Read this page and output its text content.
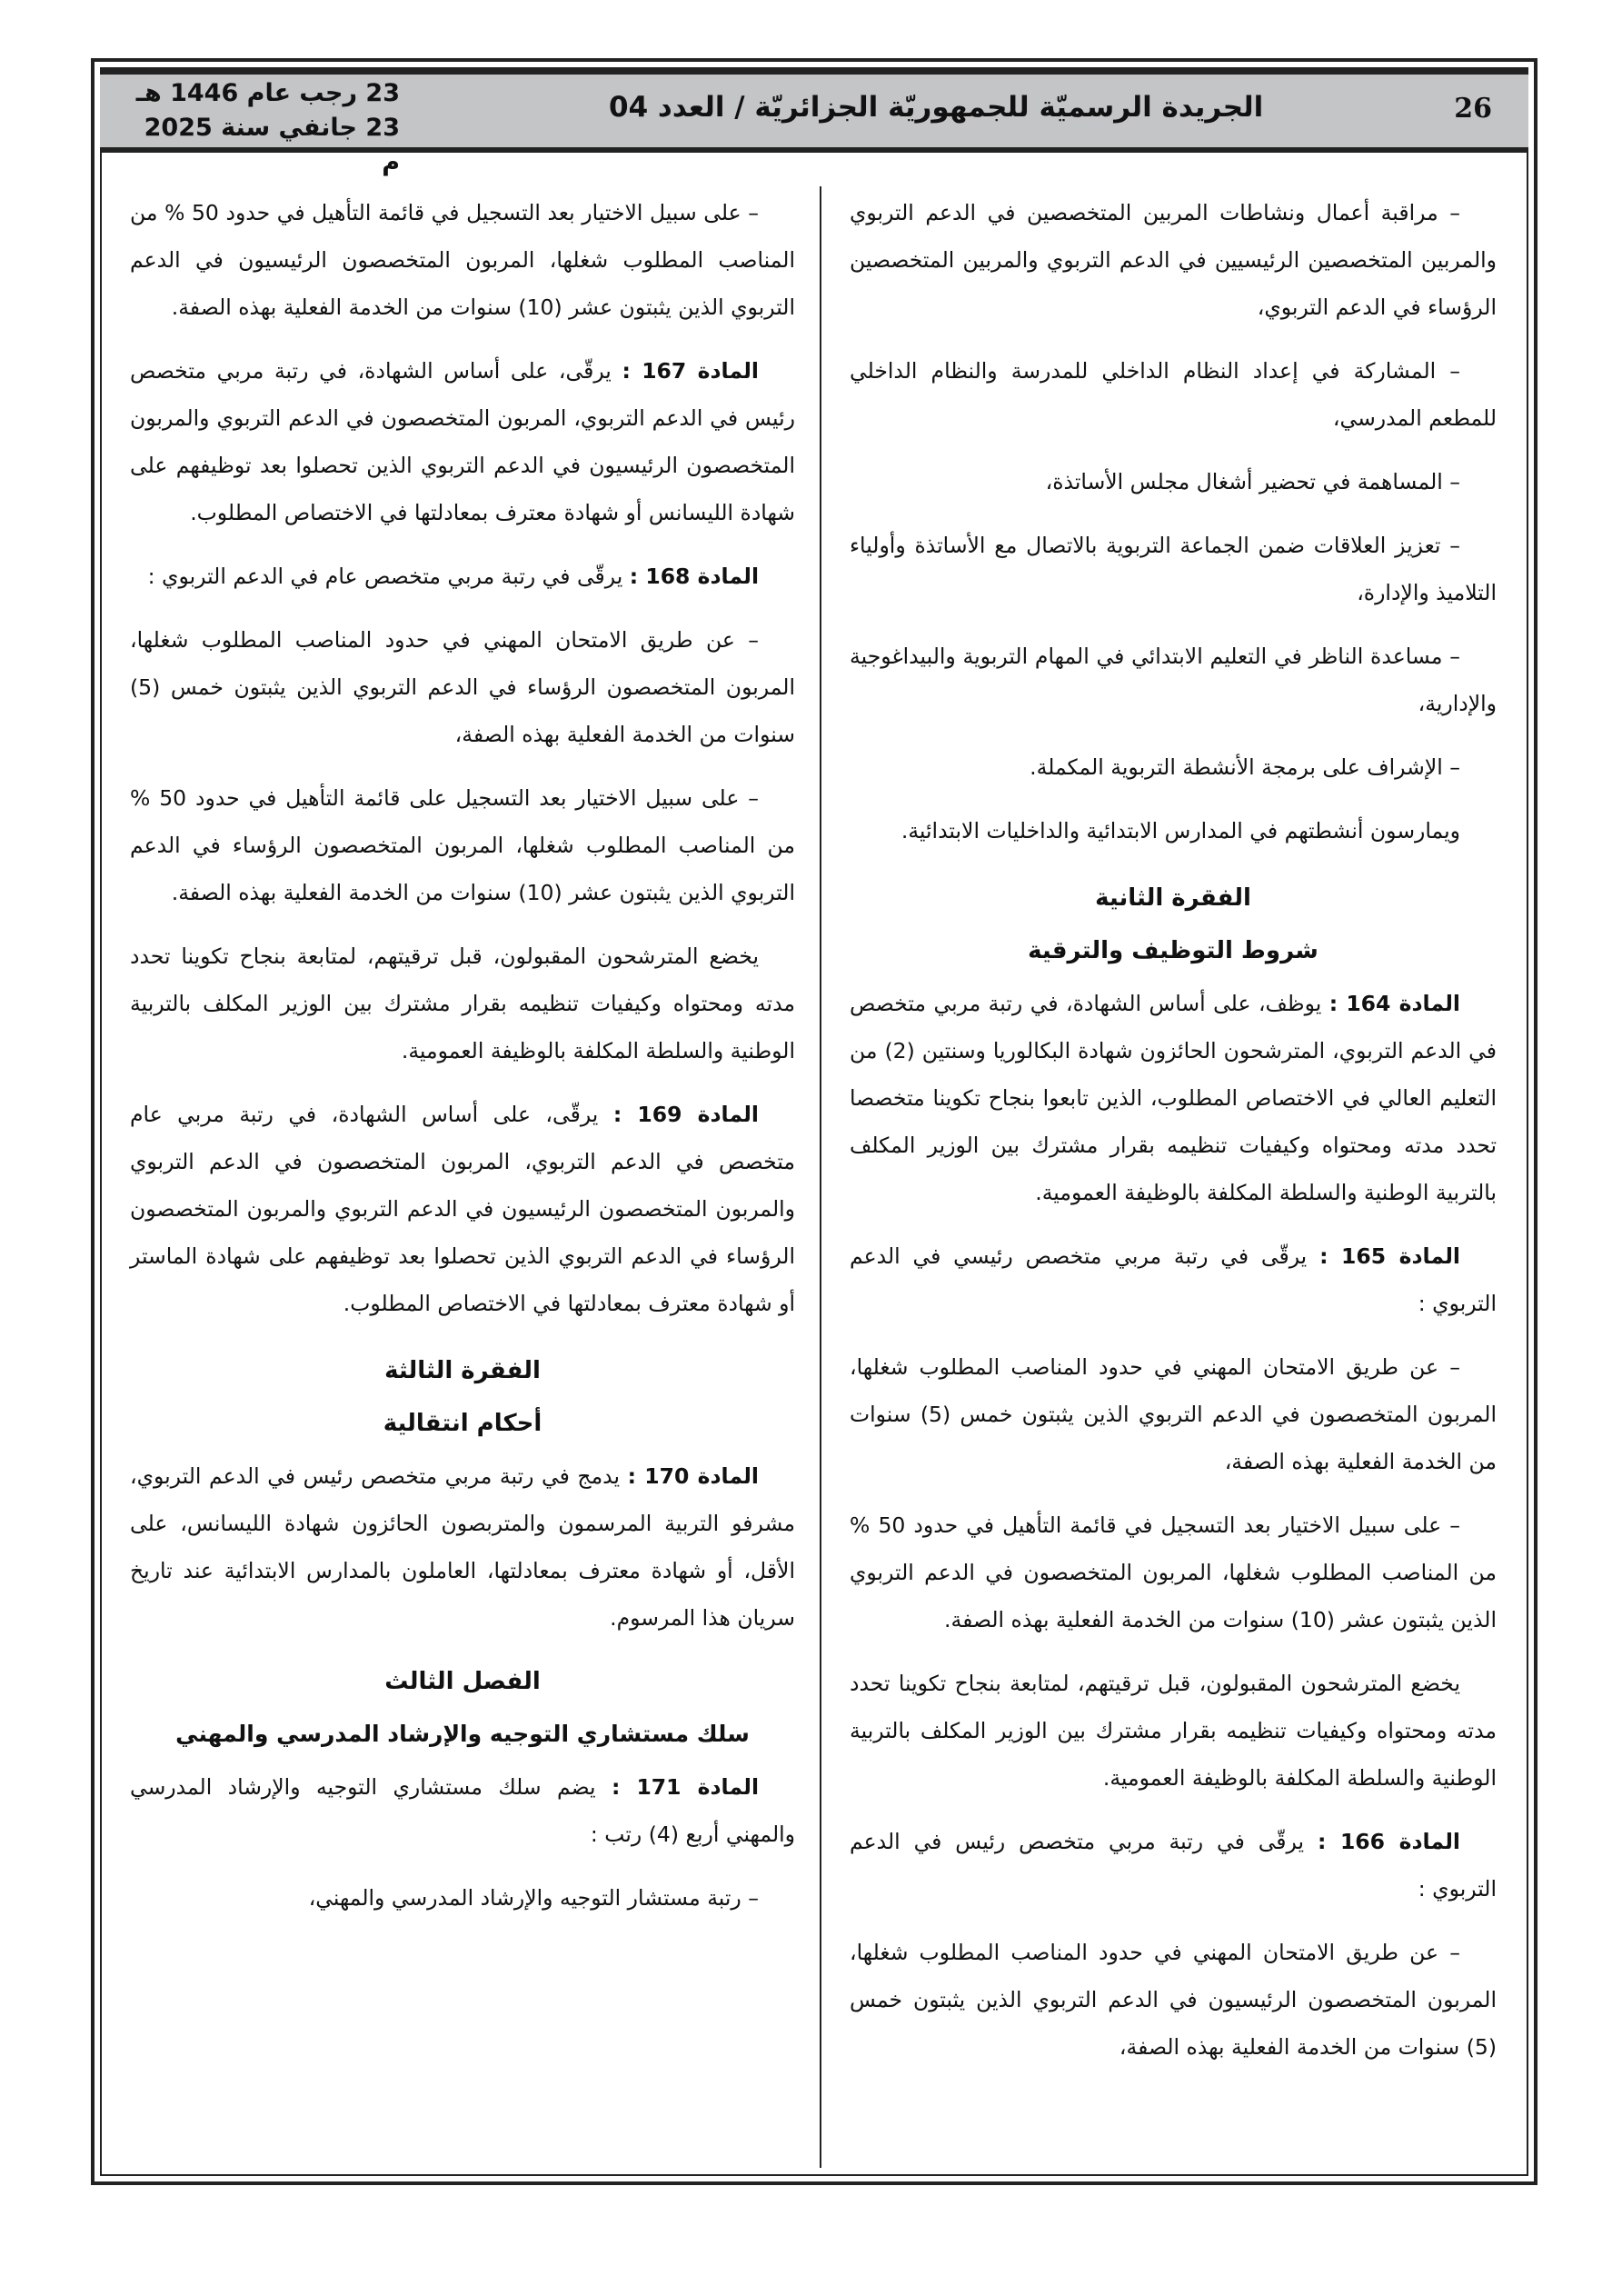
26
الجريدة الرسميّة للجمهوريّة الجزائريّة / العدد 04
23 رجب عام 1446 هـ
23 جانفي سنة 2025 م

– مراقبة أعمال ونشاطات المربين المتخصصين في الدعم التربوي والمربين المتخصصين الرئيسيين في الدعم التربوي والمربين المتخصصين الرؤساء في الدعم التربوي،

– المشاركة في إعداد النظام الداخلي للمدرسة والنظام الداخلي للمطعم المدرسي،

– المساهمة في تحضير أشغال مجلس الأساتذة،

– تعزيز العلاقات ضمن الجماعة التربوية بالاتصال مع الأساتذة وأولياء التلاميذ والإدارة،

– مساعدة الناظر في التعليم الابتدائي في المهام التربوية والبيداغوجية والإدارية،

– الإشراف على برمجة الأنشطة التربوية المكملة.

ويمارسون أنشطتهم في المدارس الابتدائية والداخليات الابتدائية.

الفقرة الثانية
شروط التوظيف والترقية

المادة 164 : يوظف، على أساس الشهادة، في رتبة مربي متخصص في الدعم التربوي، المترشحون الحائزون شهادة البكالوريا وسنتين (2) من التعليم العالي في الاختصاص المطلوب، الذين تابعوا بنجاح تكوينا متخصصا تحدد مدته ومحتواه وكيفيات تنظيمه بقرار مشترك بين الوزير المكلف بالتربية الوطنية والسلطة المكلفة بالوظيفة العمومية.

المادة 165 : يرقّى في رتبة مربي متخصص رئيسي في الدعم التربوي :

– عن طريق الامتحان المهني في حدود المناصب المطلوب شغلها، المربون المتخصصون في الدعم التربوي الذين يثبتون خمس (5) سنوات من الخدمة الفعلية بهذه الصفة،

– على سبيل الاختيار بعد التسجيل في قائمة التأهيل في حدود 50 % من المناصب المطلوب شغلها، المربون المتخصصون في الدعم التربوي الذين يثبتون عشر (10) سنوات من الخدمة الفعلية بهذه الصفة.

يخضع المترشحون المقبولون، قبل ترقيتهم، لمتابعة بنجاح تكوينا تحدد مدته ومحتواه وكيفيات تنظيمه بقرار مشترك بين الوزير المكلف بالتربية الوطنية والسلطة المكلفة بالوظيفة العمومية.

المادة 166 : يرقّى في رتبة مربي متخصص رئيس في الدعم التربوي :

– عن طريق الامتحان المهني في حدود المناصب المطلوب شغلها، المربون المتخصصون الرئيسيون في الدعم التربوي الذين يثبتون خمس (5) سنوات من الخدمة الفعلية بهذه الصفة،

– على سبيل الاختيار بعد التسجيل في قائمة التأهيل في حدود 50 % من المناصب المطلوب شغلها، المربون المتخصصون الرئيسيون في الدعم التربوي الذين يثبتون عشر (10) سنوات من الخدمة الفعلية بهذه الصفة.

المادة 167 : يرقّى، على أساس الشهادة، في رتبة مربي متخصص رئيس في الدعم التربوي، المربون المتخصصون في الدعم التربوي والمربون المتخصصون الرئيسيون في الدعم التربوي الذين تحصلوا بعد توظيفهم على شهادة الليسانس أو شهادة معترف بمعادلتها في الاختصاص المطلوب.

المادة 168 : يرقّى في رتبة مربي متخصص عام في الدعم التربوي :

– عن طريق الامتحان المهني في حدود المناصب المطلوب شغلها، المربون المتخصصون الرؤساء في الدعم التربوي الذين يثبتون خمس (5) سنوات من الخدمة الفعلية بهذه الصفة،

– على سبيل الاختيار بعد التسجيل على قائمة التأهيل في حدود 50 % من المناصب المطلوب شغلها، المربون المتخصصون الرؤساء في الدعم التربوي الذين يثبتون عشر (10) سنوات من الخدمة الفعلية بهذه الصفة.

يخضع المترشحون المقبولون، قبل ترقيتهم، لمتابعة بنجاح تكوينا تحدد مدته ومحتواه وكيفيات تنظيمه بقرار مشترك بين الوزير المكلف بالتربية الوطنية والسلطة المكلفة بالوظيفة العمومية.

المادة 169 : يرقّى، على أساس الشهادة، في رتبة مربي عام متخصص في الدعم التربوي، المربون المتخصصون في الدعم التربوي والمربون المتخصصون الرئيسيون في الدعم التربوي والمربون المتخصصون الرؤساء في الدعم التربوي الذين تحصلوا بعد توظيفهم على شهادة الماستر أو شهادة معترف بمعادلتها في الاختصاص المطلوب.

الفقرة الثالثة
أحكام انتقالية

المادة 170 : يدمج في رتبة مربي متخصص رئيس في الدعم التربوي، مشرفو التربية المرسمون والمتربصون الحائزون شهادة الليسانس، على الأقل، أو شهادة معترف بمعادلتها، العاملون بالمدارس الابتدائية عند تاريخ سريان هذا المرسوم.

الفصل الثالث
سلك مستشاري التوجيه والإرشاد المدرسي والمهني

المادة 171 : يضم سلك مستشاري التوجيه والإرشاد المدرسي والمهني أربع (4) رتب :

– رتبة مستشار التوجيه والإرشاد المدرسي والمهني،
